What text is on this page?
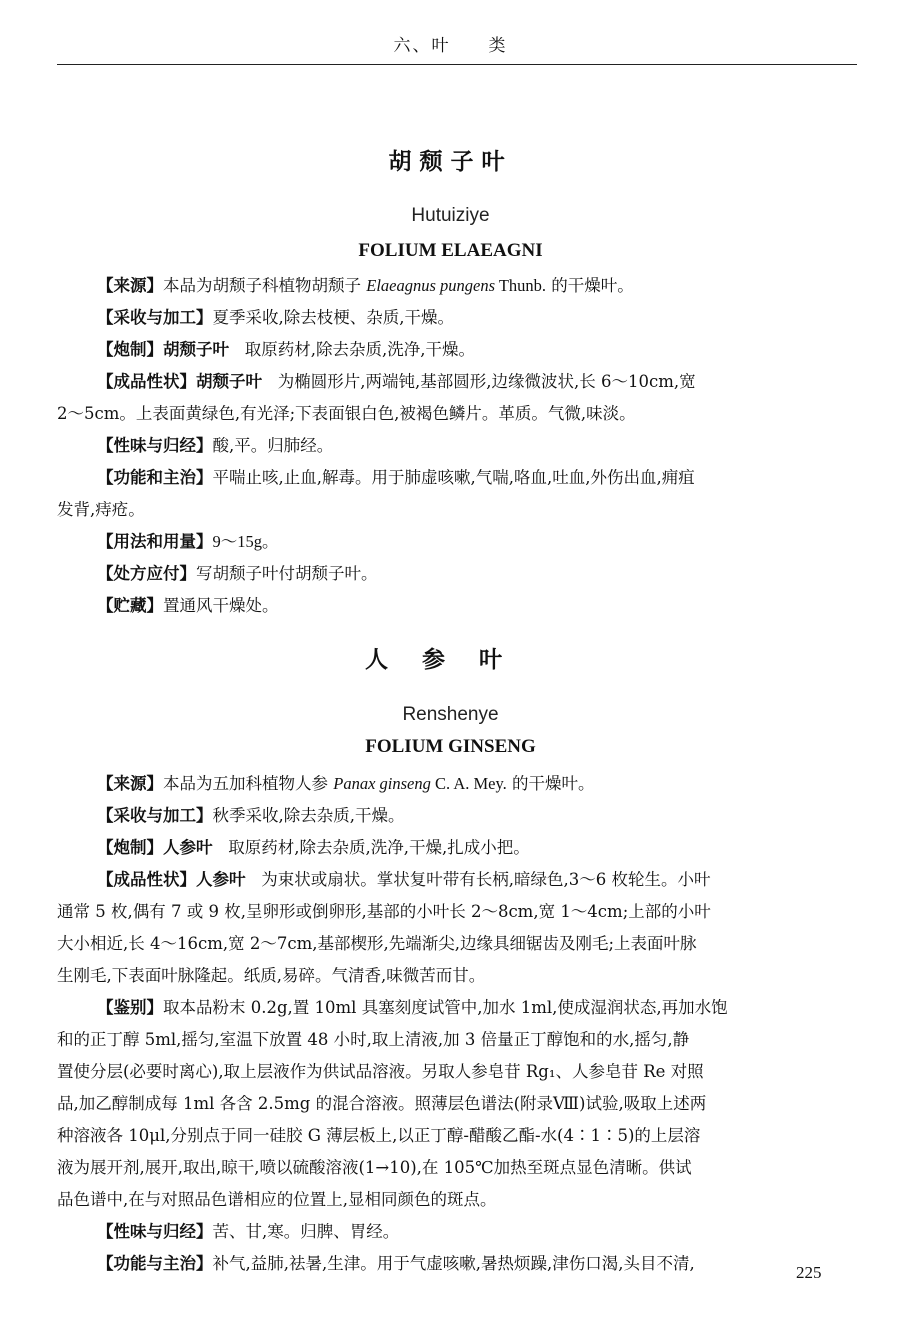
六、叶 类
胡颓子叶
Hutuiziye
FOLIUM ELAEAGNI

【来源】本品为胡颓子科植物胡颓子 Elaeagnus pungens Thunb. 的干燥叶。

【采收与加工】夏季采收,除去枝梗、杂质,干燥。

【炮制】胡颓子叶 取原药材,除去杂质,洗净,干燥。

【成品性状】胡颓子叶 为椭圆形片,两端钝,基部圆形,边缘微波状,长 6～10cm,宽
2～5cm。上表面黄绿色,有光泽;下表面银白色,被褐色鳞片。革质。气微,味淡。

【性味与归经】酸,平。归肺经。

【功能和主治】平喘止咳,止血,解毒。用于肺虚咳嗽,气喘,咯血,吐血,外伤出血,痈疽
发背,痔疮。

【用法和用量】9～15g。

【处方应付】写胡颓子叶付胡颓子叶。

【贮藏】置通风干燥处。

人参叶
Renshenye
FOLIUM GINSENG

【来源】本品为五加科植物人参 Panax ginseng C. A. Mey. 的干燥叶。

【采收与加工】秋季采收,除去杂质,干燥。

【炮制】人参叶 取原药材,除去杂质,洗净,干燥,扎成小把。

【成品性状】人参叶 为束状或扇状。掌状复叶带有长柄,暗绿色,3～6 枚轮生。小叶
通常 5 枚,偶有 7 或 9 枚,呈卵形或倒卵形,基部的小叶长 2～8cm,宽 1～4cm;上部的小叶
大小相近,长 4～16cm,宽 2～7cm,基部楔形,先端渐尖,边缘具细锯齿及刚毛;上表面叶脉
生刚毛,下表面叶脉隆起。纸质,易碎。气清香,味微苦而甘。

【鉴别】取本品粉末 0.2g,置 10ml 具塞刻度试管中,加水 1ml,使成湿润状态,再加水饱
和的正丁醇 5ml,摇匀,室温下放置 48 小时,取上清液,加 3 倍量正丁醇饱和的水,摇匀,静
置使分层(必要时离心),取上层液作为供试品溶液。另取人参皂苷 Rg₁、人参皂苷 Re 对照
品,加乙醇制成每 1ml 各含 2.5mg 的混合溶液。照薄层色谱法(附录Ⅷ)试验,吸取上述两
种溶液各 10μl,分别点于同一硅胶 G 薄层板上,以正丁醇-醋酸乙酯-水(4∶1∶5)的上层溶
液为展开剂,展开,取出,晾干,喷以硫酸溶液(1→10),在 105℃加热至斑点显色清晰。供试
品色谱中,在与对照品色谱相应的位置上,显相同颜色的斑点。

【性味与归经】苦、甘,寒。归脾、胃经。

【功能与主治】补气,益肺,祛暑,生津。用于气虚咳嗽,暑热烦躁,津伤口渴,头目不清,	225
